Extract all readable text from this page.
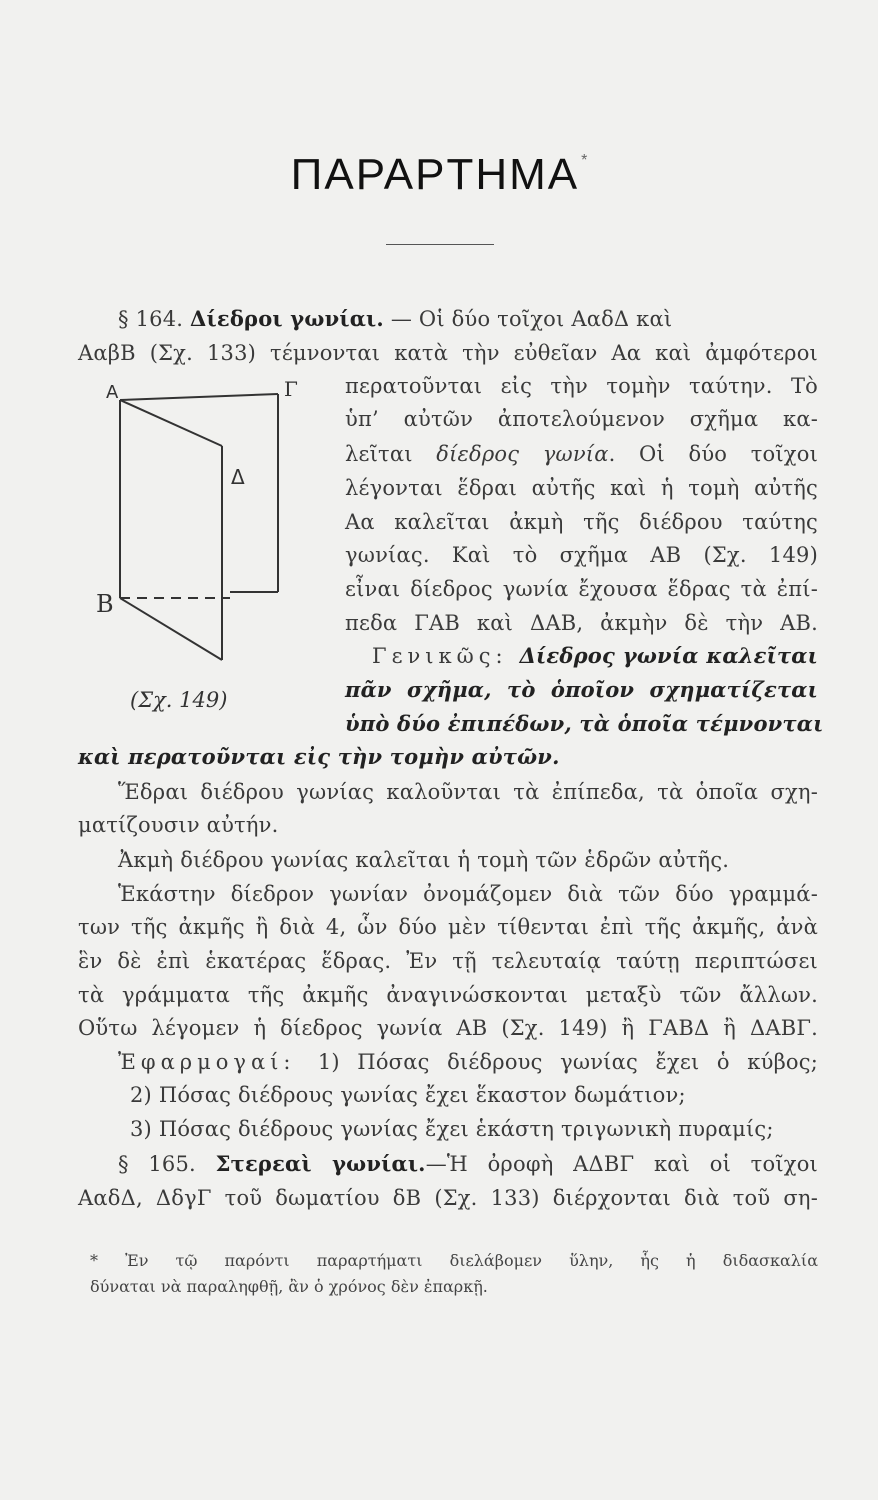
ΠΑΡΑΡΤΗΜΑ *
§ 164. Δίεδροι γωνίαι. — Οἱ δύο τοῖχοι ΑαδΔ καὶ
ΑαβΒ (Σχ. 133) τέμνονται κατὰ τὴν εὐθεῖαν Αα καὶ ἀμφότεροι
περατοῦνται εἰς τὴν τομὴν ταύτην. Τὸ
ὑπ’ αὐτῶν ἀποτελούμενον σχῆμα κα-
λεῖται δίεδρος γωνία. Οἱ δύο τοῖχοι
λέγονται ἕδραι αὐτῆς καὶ ἡ τομὴ αὐτῆς
Αα καλεῖται ἀκμὴ τῆς διέδρου ταύτης
γωνίας. Καὶ τὸ σχῆμα ΑΒ (Σχ. 149)
εἶναι δίεδρος γωνία ἔχουσα ἕδρας τὰ ἐπί-
πεδα ΓΑΒ καὶ ΔΑΒ, ἀκμὴν δὲ τὴν ΑΒ.
Γενικῶς: Δίεδρος γωνία καλεῖται
πᾶν σχῆμα, τὸ ὁποῖον σχηματίζεται
ὑπὸ δύο ἐπιπέδων, τὰ ὁποῖα τέμνονται
καὶ περατοῦνται εἰς τὴν τομὴν αὐτῶν.
Ἕδραι διέδρου γωνίας καλοῦνται τὰ ἐπίπεδα, τὰ ὁποῖα σχη-
ματίζουσιν αὐτήν.
Ἀκμὴ διέδρου γωνίας καλεῖται ἡ τομὴ τῶν ἑδρῶν αὐτῆς.
Ἑκάστην δίεδρον γωνίαν ὀνομάζομεν διὰ τῶν δύο γραμμά-
των τῆς ἀκμῆς ἢ διὰ 4, ὧν δύο μὲν τίθενται ἐπὶ τῆς ἀκμῆς, ἀνὰ
ἓν δὲ ἐπὶ ἑκατέρας ἕδρας. Ἐν τῇ τελευταίᾳ ταύτῃ περιπτώσει
τὰ γράμματα τῆς ἀκμῆς ἀναγινώσκονται μεταξὺ τῶν ἄλλων.
Οὕτω λέγομεν ἡ δίεδρος γωνία ΑΒ (Σχ. 149) ἢ ΓΑΒΔ ἢ ΔΑΒΓ.
Ἐφαρμογαί: 1) Πόσας διέδρους γωνίας ἔχει ὁ κύβος;
2) Πόσας διέδρους γωνίας ἔχει ἕκαστον δωμάτιον;
3) Πόσας διέδρους γωνίας ἔχει ἑκάστη τριγωνικὴ πυραμίς;
§ 165. Στερεαὶ γωνίαι.—Ἡ ὀροφὴ ΑΔΒΓ καὶ οἱ τοῖχοι
ΑαδΔ, ΔδγΓ τοῦ δωματίου δΒ (Σχ. 133) διέρχονται διὰ τοῦ ση-
* Ἐν τῷ παρόντι παραρτήματι διελάβομεν ὕλην, ἧς ἡ διδασκαλία
δύναται νὰ παραληφθῇ, ἂν ὁ χρόνος δὲν ἐπαρκῇ.
Α	Γ
Δ
Β
(Σχ. 149)
